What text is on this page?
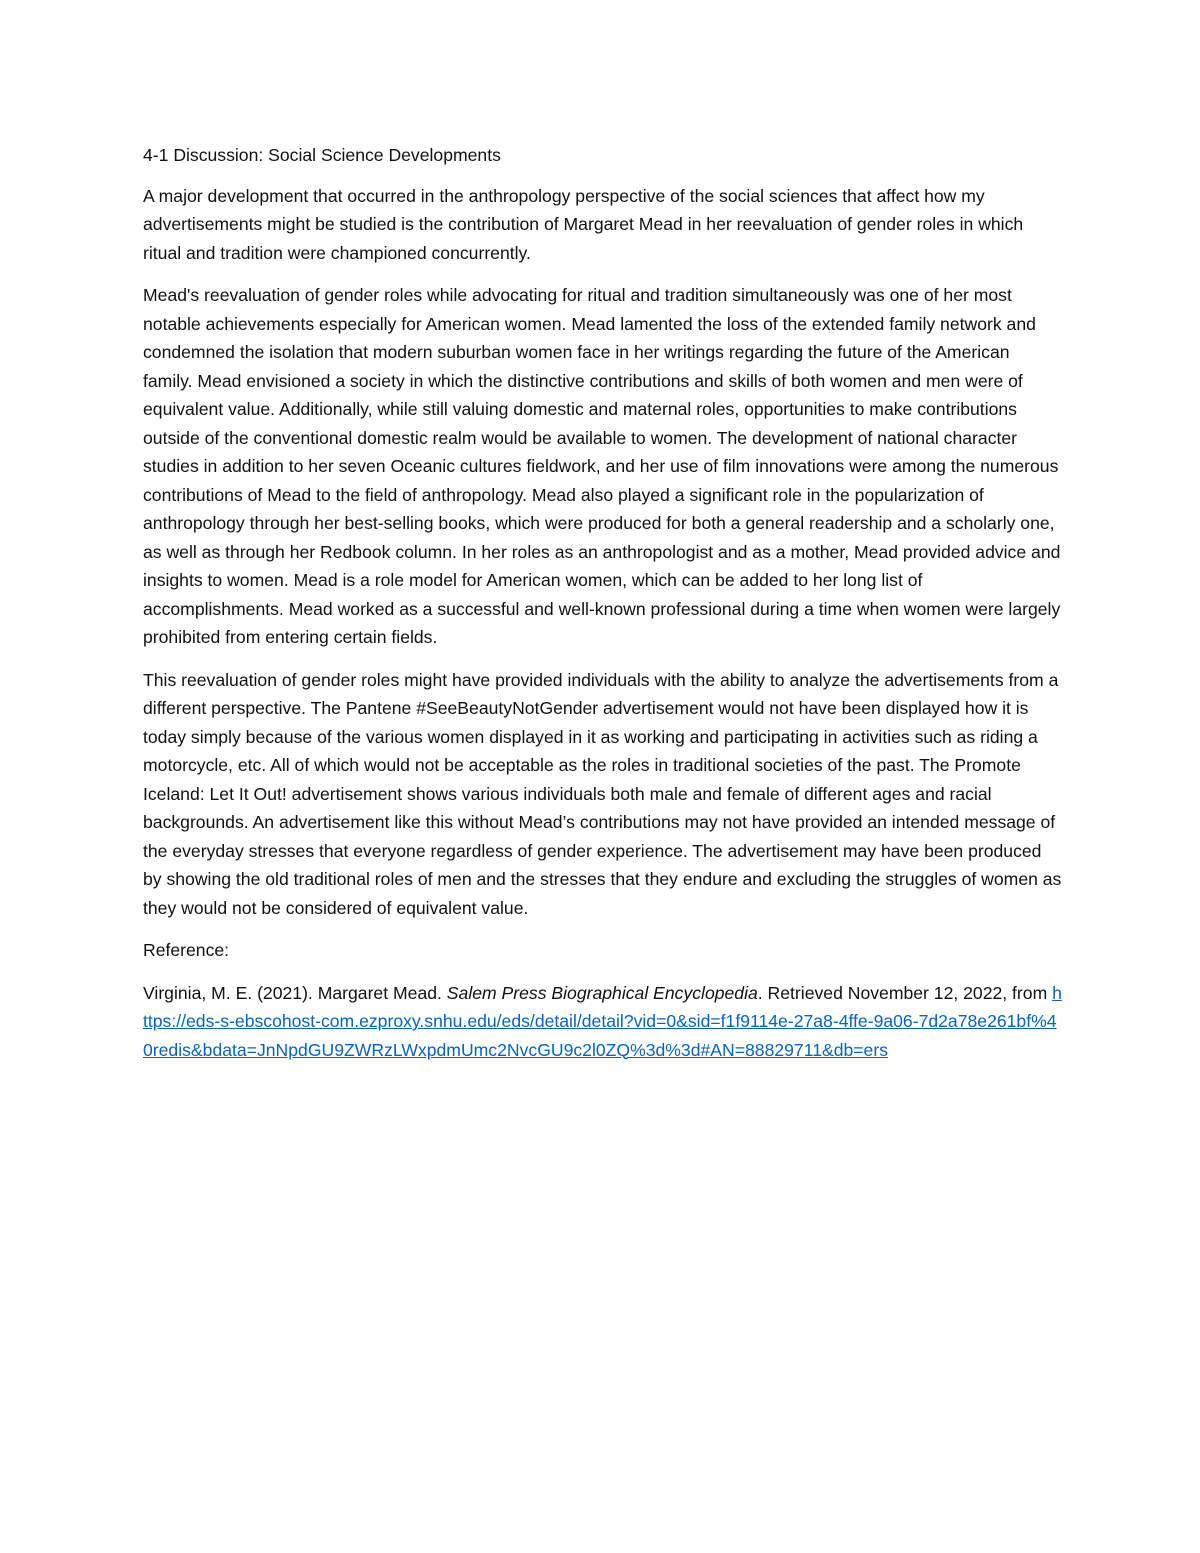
4-1 Discussion: Social Science Developments

A major development that occurred in the anthropology perspective of the social sciences that affect how my advertisements might be studied is the contribution of Margaret Mead in her reevaluation of gender roles in which ritual and tradition were championed concurrently.

Mead's reevaluation of gender roles while advocating for ritual and tradition simultaneously was one of her most notable achievements especially for American women. Mead lamented the loss of the extended family network and condemned the isolation that modern suburban women face in her writings regarding the future of the American family. Mead envisioned a society in which the distinctive contributions and skills of both women and men were of equivalent value. Additionally, while still valuing domestic and maternal roles, opportunities to make contributions outside of the conventional domestic realm would be available to women. The development of national character studies in addition to her seven Oceanic cultures fieldwork, and her use of film innovations were among the numerous contributions of Mead to the field of anthropology. Mead also played a significant role in the popularization of anthropology through her best-selling books, which were produced for both a general readership and a scholarly one, as well as through her Redbook column. In her roles as an anthropologist and as a mother, Mead provided advice and insights to women. Mead is a role model for American women, which can be added to her long list of accomplishments. Mead worked as a successful and well-known professional during a time when women were largely prohibited from entering certain fields.

This reevaluation of gender roles might have provided individuals with the ability to analyze the advertisements from a different perspective. The Pantene #SeeBeautyNotGender advertisement would not have been displayed how it is today simply because of the various women displayed in it as working and participating in activities such as riding a motorcycle, etc. All of which would not be acceptable as the roles in traditional societies of the past. The Promote Iceland: Let It Out! advertisement shows various individuals both male and female of different ages and racial backgrounds. An advertisement like this without Mead’s contributions may not have provided an intended message of the everyday stresses that everyone regardless of gender experience. The advertisement may have been produced by showing the old traditional roles of men and the stresses that they endure and excluding the struggles of women as they would not be considered of equivalent value.

Reference:

Virginia, M. E. (2021). Margaret Mead. Salem Press Biographical Encyclopedia. Retrieved November 12, 2022, from https://eds-s-ebscohost-com.ezproxy.snhu.edu/eds/detail/detail?vid=0&sid=f1f9114e-27a8-4ffe-9a06-7d2a78e261bf%40redis&bdata=JnNpdGU9ZWRzLWxpdmUmc2NvcGU9c2l0ZQ%3d%3d#AN=88829711&db=ers
